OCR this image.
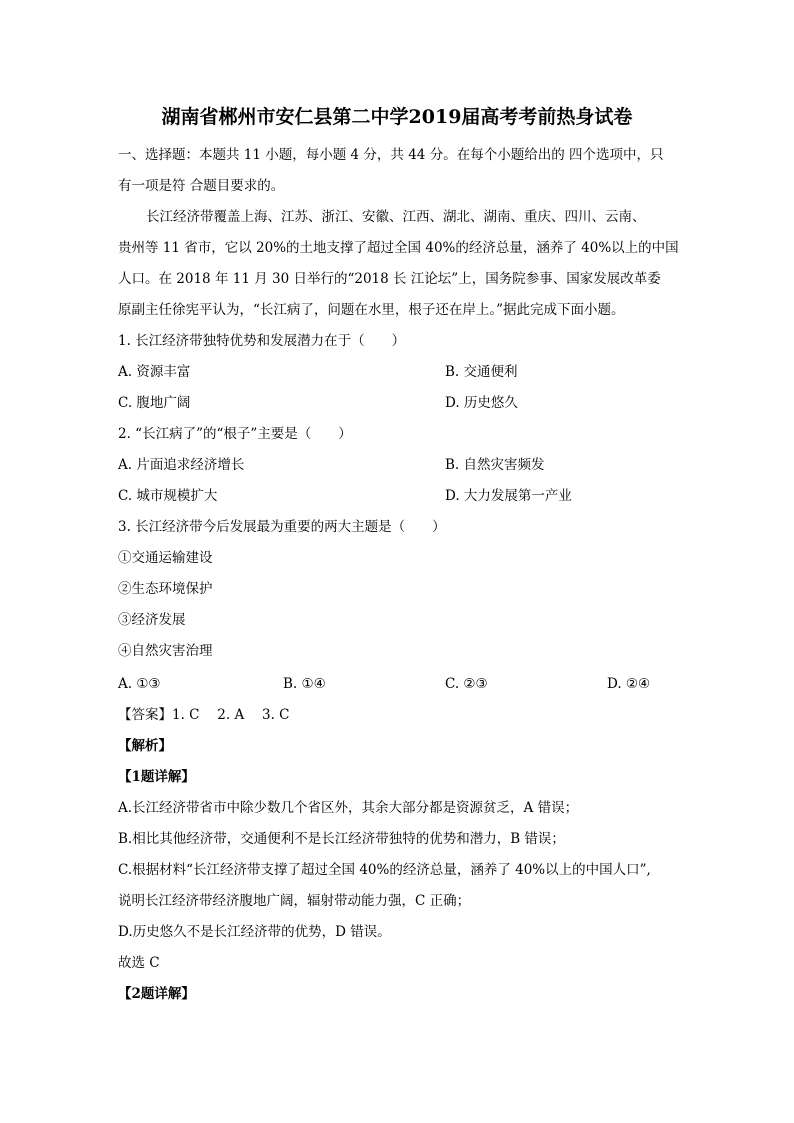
湖南省郴州市安仁县第二中学2019届高考考前热身试卷
一、选择题：本题共 11 小题，每小题 4 分，共 44 分。在每个小题给出的 四个选项中，只
有一项是符 合题目要求的。
长江经济带覆盖上海、江苏、浙江、安徽、江西、湖北、湖南、重庆、四川、云南、
贵州等 11 省市，它以 20%的土地支撑了超过全国 40%的经济总量，涵养了 40%以上的中国
人口。在 2018 年 11 月 30 日举行的“2018 长 江论坛”上，国务院参事、国家发展改革委
原副主任徐宪平认为，“长江病了，问题在水里，根子还在岸上。”据此完成下面小题。
1. 长江经济带独特优势和发展潜力在于（　　）
A. 资源丰富	B. 交通便利
C. 腹地广阔	D. 历史悠久
2. “长江病了”的“根子”主要是（　　）
A. 片面追求经济增长	B. 自然灾害频发
C. 城市规模扩大	D. 大力发展第一产业
3. 长江经济带今后发展最为重要的两大主题是（　　）
①交通运输建设
②生态环境保护
③经济发展
④自然灾害治理
A. ①③	B. ①④	C. ②③	D. ②④
【答案】1. C　 2. A　 3. C
【解析】
【1题详解】
A.长江经济带省市中除少数几个省区外，其余大部分都是资源贫乏，A 错误；
B.相比其他经济带，交通便利不是长江经济带独特的优势和潜力，B 错误；
C.根据材料“长江经济带支撑了超过全国 40%的经济总量，涵养了 40%以上的中国人口”,
说明长江经济带经济腹地广阔，辐射带动能力强，C 正确；
D.历史悠久不是长江经济带的优势，D 错误。
故选 C
【2题详解】
